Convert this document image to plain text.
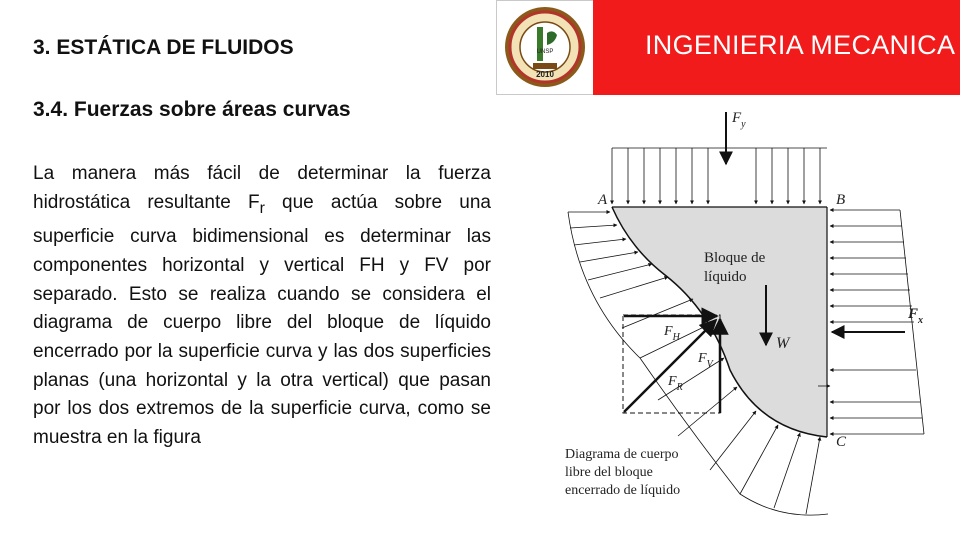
3. ESTÁTICA DE FLUIDOS	UNSP
2010
INGENIERIA MECANICA
3.4. Fuerzas sobre áreas curvas
La manera más fácil de determinar la fuerza hidrostática resultante $F_r$ que actúa sobre una superficie curva bidimensional es determinar las componentes horizontal y vertical FH y FV por separado. Esto se realiza cuando se considera el diagrama de cuerpo libre del bloque de líquido encerrado por la superficie curva y las dos superficies planas (una horizontal y la otra vertical) que pasan por los dos extremos de la superficie curva, como se muestra en la figura
A	B
C
$F_y$
$F_x$
$F_H$
$F_V$
$F_R$
W
Bloque de
líquido
Diagrama de cuerpo
libre del bloque
encerrado de líquido
